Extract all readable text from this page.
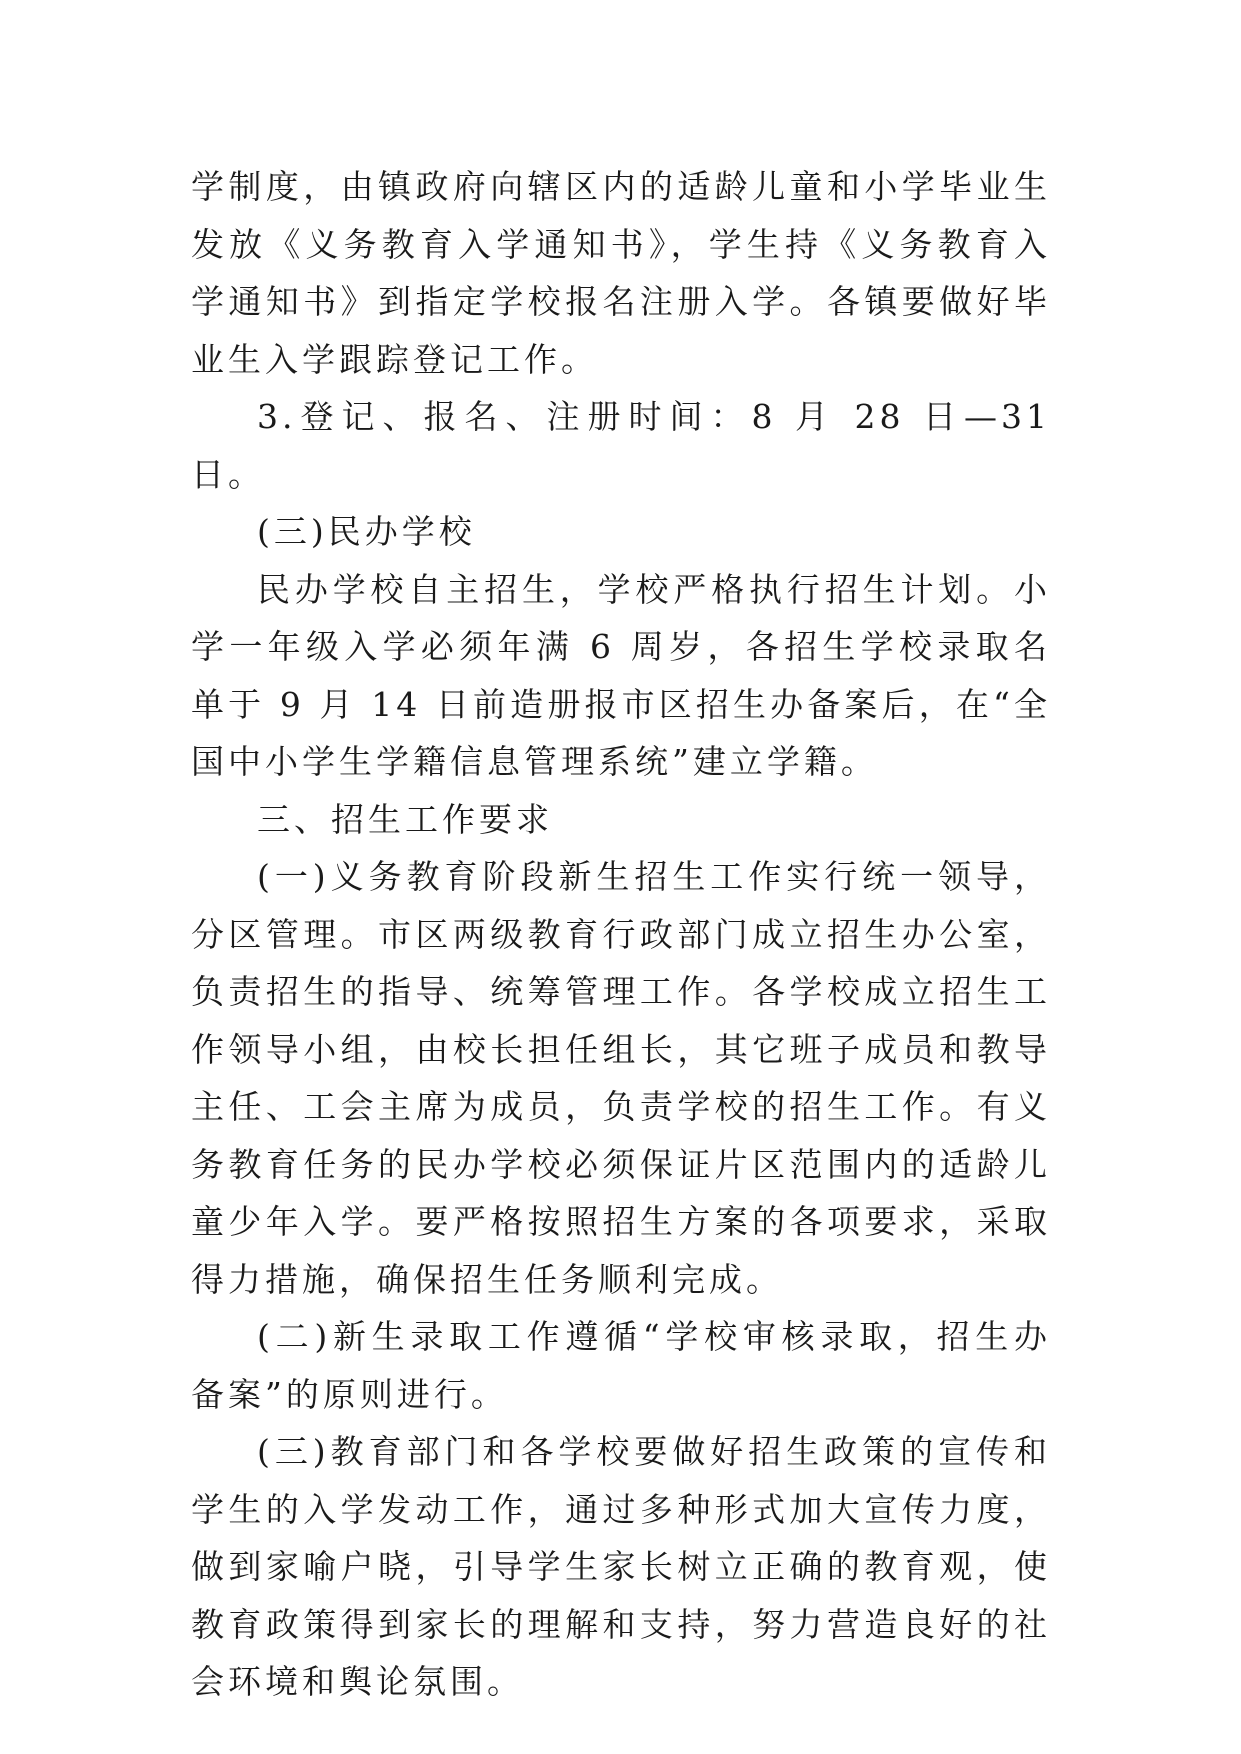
学制度，由镇政府向辖区内的适龄儿童和小学毕业生发放《义务教育入学通知书》，学生持《义务教育入学通知书》到指定学校报名注册入学。各镇要做好毕业生入学跟踪登记工作。

3.登记、报名、注册时间：8 月 28 日—31 日。

(三)民办学校

民办学校自主招生，学校严格执行招生计划。小学一年级入学必须年满 6 周岁，各招生学校录取名单于 9 月 14 日前造册报市区招生办备案后，在“全国中小学生学籍信息管理系统”建立学籍。

三、招生工作要求

(一)义务教育阶段新生招生工作实行统一领导，分区管理。市区两级教育行政部门成立招生办公室，负责招生的指导、统筹管理工作。各学校成立招生工作领导小组，由校长担任组长，其它班子成员和教导主任、工会主席为成员，负责学校的招生工作。有义务教育任务的民办学校必须保证片区范围内的适龄儿童少年入学。要严格按照招生方案的各项要求，采取得力措施，确保招生任务顺利完成。

(二)新生录取工作遵循“学校审核录取，招生办备案”的原则进行。

(三)教育部门和各学校要做好招生政策的宣传和学生的入学发动工作，通过多种形式加大宣传力度，做到家喻户晓，引导学生家长树立正确的教育观，使教育政策得到家长的理解和支持，努力营造良好的社会环境和舆论氛围。
